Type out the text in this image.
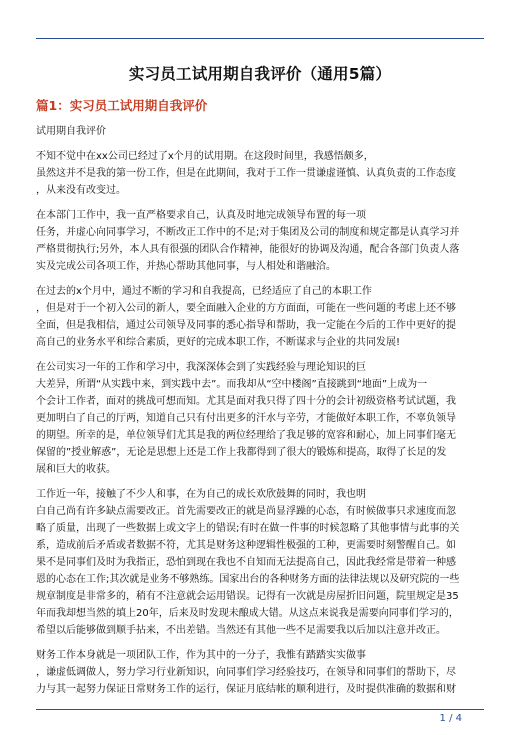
实习员工试用期自我评价（通用5篇）
篇1：实习员工试用期自我评价

试用期自我评价

不知不觉中在xx公司已经过了x个月的试用期。在这段时间里，我感悟颇多，

虽然这并不是我的第一份工作，但是在此期间，我对于工作一贯谦虚谨慎、认真负责的工作态度

，从来没有改变过。

在本部门工作中，我一直严格要求自己，认真及时地完成领导布置的每一项

任务，并虚心向同事学习，不断改正工作中的不足;对于集团及公司的制度和规定都是认真学习并

严格贯彻执行;另外，本人具有很强的团队合作精神，能很好的协调及沟通，配合各部门负责人落

实及完成公司各项工作，并热心帮助其他同事，与人相处和谐融洽。

在过去的x个月中，通过不断的学习和自我提高，已经适应了自己的本职工作

，但是对于一个初入公司的新人，要全面融入企业的方方面面，可能在一些问题的考虑上还不够

全面，但是我相信，通过公司领导及同事的悉心指导和帮助，我一定能在今后的工作中更好的提

高自己的业务水平和综合素质，更好的完成本职工作，不断谋求与企业的共同发展!

在公司实习一年的工作和学习中，我深深体会到了实践经验与理论知识的巨

大差异，所谓“从实践中来，到实践中去”。而我却从“空中楼阁”直接跳到“地面”上成为一

个会计工作者，面对的挑战可想而知。尤其是面对我只得了四十分的会计初级资格考试试题，我

更加明白了自己的厅两，知道自己只有付出更多的汗水与辛劳，才能做好本职工作，不辜负领导

的期望。所幸的是，单位领导们尤其是我的两位经理给了我足够的宽容和耐心，加上同事们毫无

保留的”授业解惑”，无论是思想上还是工作上我都得到了很大的锻炼和提高，取得了长足的发

展和巨大的收获。

工作近一年，接触了不少人和事，在为自己的成长欢欣鼓舞的同时，我也明

白自己尚有许多缺点需要改正。首先需要改正的就是尚显浮躁的心态，有时候做事只求速度而忽

略了质量，出现了一些数据上或文字上的错误;有时在做一件事的时候忽略了其他事情与此事的关

系，造成前后矛盾或者数据不符，尤其是财务这种逻辑性极强的工种，更需要时刻警醒自己。如

果不是同事们及时为我指正，恐怕到现在我也不自知而无法提高自己，因此我经常是带着一种感

恩的心态在工作;其次就是业务不够熟练。国家出台的各种财务方面的法律法规以及研究院的一些

规章制度是非常多的，稍有不注意就会运用错误。记得有一次就是房屋折旧问题，院里规定是35

年而我却想当然的填上20年，后来及时发现未酿成大错。从这点来说我是需要向同事们学习的，

希望以后能够做到顺手拈来，不出差错。当然还有其他一些不足需要我以后加以注意并改正。

财务工作本身就是一项团队工作，作为其中的一分子，我惟有踏踏实实做事

，谦虚低调做人，努力学习行业新知识，向同事们学习经验技巧，在领导和同事们的帮助下，尽

力与其一起努力保证日常财务工作的运行，保证月底结帐的顺利进行，及时提供准确的数据和财

1 / 4
